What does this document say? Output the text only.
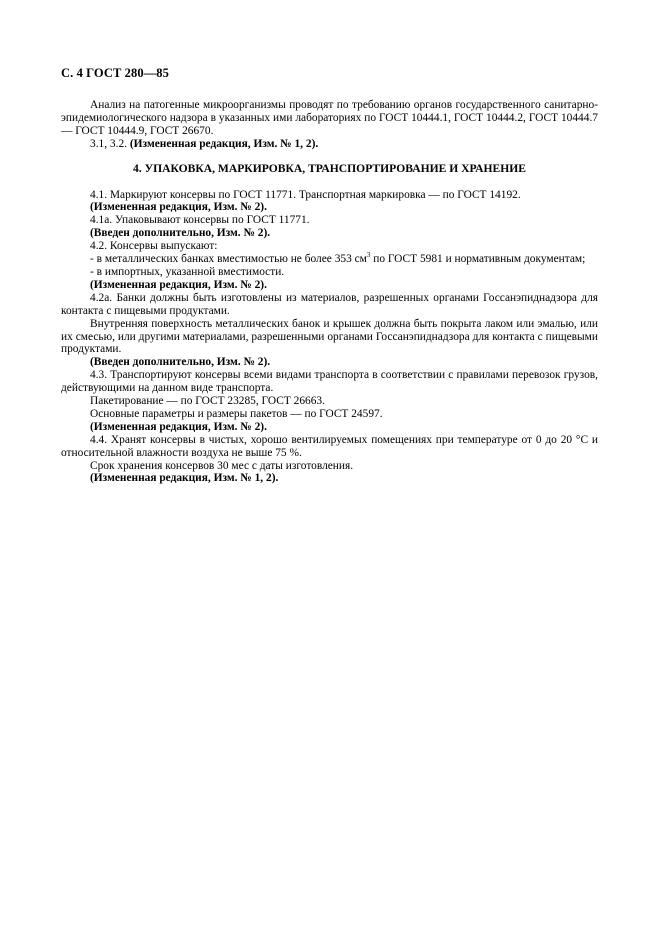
С. 4 ГОСТ 280—85

Анализ на патогенные микроорганизмы проводят по требованию органов государственного санитарно-эпидемиологического надзора в указанных ими лабораториях по ГОСТ 10444.1, ГОСТ 10444.2, ГОСТ 10444.7 — ГОСТ 10444.9, ГОСТ 26670.

3.1, 3.2. (Измененная редакция, Изм. № 1, 2).

4. УПАКОВКА, МАРКИРОВКА, ТРАНСПОРТИРОВАНИЕ И ХРАНЕНИЕ

4.1. Маркируют консервы по ГОСТ 11771. Транспортная маркировка — по ГОСТ 14192.

(Измененная редакция, Изм. № 2).

4.1а. Упаковывают консервы по ГОСТ 11771.

(Введен дополнительно, Изм. № 2).

4.2. Консервы выпускают:

- в металлических банках вместимостью не более 353 $см^3$ по ГОСТ 5981 и нормативным документам;

- в импортных, указанной вместимости.

(Измененная редакция, Изм. № 2).

4.2а. Банки должны быть изготовлены из материалов, разрешенных органами Госсанэпиднадзора для контакта с пищевыми продуктами.

Внутренняя поверхность металлических банок и крышек должна быть покрыта лаком или эмалью, или их смесью, или другими материалами, разрешенными органами Госсанэпиднадзора для контакта с пищевыми продуктами.

(Введен дополнительно, Изм. № 2).

4.3. Транспортируют консервы всеми видами транспорта в соответствии с правилами перевозок грузов, действующими на данном виде транспорта.

Пакетирование — по ГОСТ 23285, ГОСТ 26663.

Основные параметры и размеры пакетов — по ГОСТ 24597.

(Измененная редакция, Изм. № 2).

4.4. Хранят консервы в чистых, хорошо вентилируемых помещениях при температуре от 0 до 20 °С и относительной влажности воздуха не выше 75 %.

Срок хранения консервов 30 мес с даты изготовления.

(Измененная редакция, Изм. № 1, 2).
